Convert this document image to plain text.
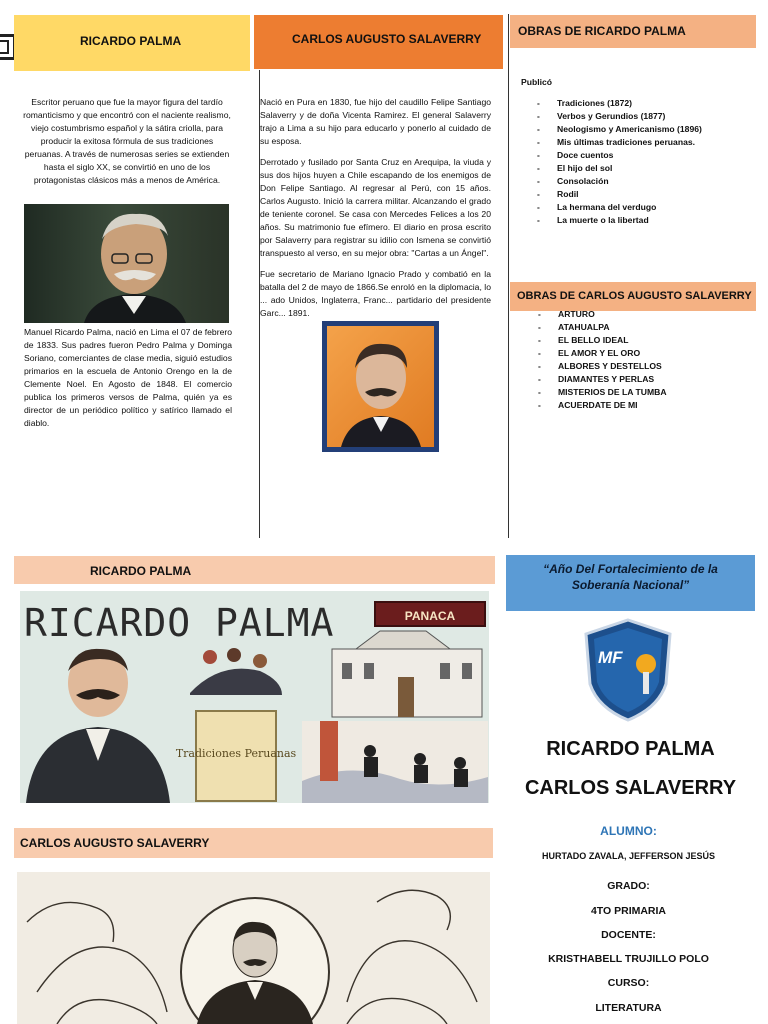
RICARDO PALMA
Escritor peruano que fue la mayor figura del tardío romanticismo y que encontró con el naciente realismo, viejo costumbrismo español y la sátira criolla, para producir la exitosa fórmula de sus tradiciones peruanas. A través de numerosas series se extienden hasta el siglo XX, se convirtió en uno de los protagonistas clásicos más a menos de América.
Manuel Ricardo Palma, nació en Lima el 07 de febrero de 1833. Sus padres fueron Pedro Palma y Dominga Soriano, comerciantes de clase media, siguió estudios primarios en la escuela de Antonio Orengo en la de Clemente Noel. En Agosto de 1848. El comercio publica los primeros versos de Palma, quién ya es director de un periódico político y satírico llamado el diablo.
CARLOS AUGUSTO SALAVERRY

Nació en Pura en 1830, fue hijo del caudillo Felipe Santiago Salaverry y de doña Vicenta Ramirez. El general Salaverry trajo a Lima a su hijo para educarlo y ponerlo al cuidado de su esposa.

Derrotado y fusilado por Santa Cruz en Arequipa, la viuda y sus dos hijos huyen a Chile escapando de los enemigos de Don Felipe Santiago. Al regresar al Perú, con 15 años. Carlos Augusto. Inició la carrera militar. Alcanzando el grado de teniente coronel. Se casa con Mercedes Felices a los 20 años. Su matrimonio fue efímero. El diario en prosa escrito por Salaverry para registrar su idilio con Ismena se convirtió transpuesto al verso, en su mejor obra: "Cartas a un Ángel".

Fue secretario de Mariano Ignacio Prado y combatió en la batalla del 2 de mayo de 1866.Se enroló en la diplomacia, lo ... ado Unidos, Inglaterra, Franc... partidario del presidente Garc... 1891.

OBRAS DE RICARDO PALMA
Publicó
- Tradiciones (1872)
- Verbos y Gerundios (1877)
- Neologismo y Americanismo (1896)
- Mis últimas tradiciones peruanas.
- Doce cuentos
- El hijo del sol
- Consolación
- Rodil
- La hermana del verdugo
- La muerte o la libertad
OBRAS DE CARLOS AUGUSTO SALAVERRY
- ARTURO
- ATAHUALPA
- EL BELLO IDEAL
- EL AMOR Y EL ORO
- ALBORES Y DESTELLOS
- DIAMANTES Y PERLAS
- MISTERIOS DE LA TUMBA
- ACUERDATE DE MI
RICARDO PALMA
RICARDO PALMA	PANACA
Tradiciones Peruanas
CARLOS AUGUSTO SALAVERRY
“Año Del Fortalecimiento de la Soberanía Nacional”
MF
RICARDO PALMA
CARLOS SALAVERRY
ALUMNO:
HURTADO ZAVALA, JEFFERSON JESÚS
GRADO:
4TO PRIMARIA
DOCENTE:
KRISTHABELL TRUJILLO POLO
CURSO:
LITERATURA
